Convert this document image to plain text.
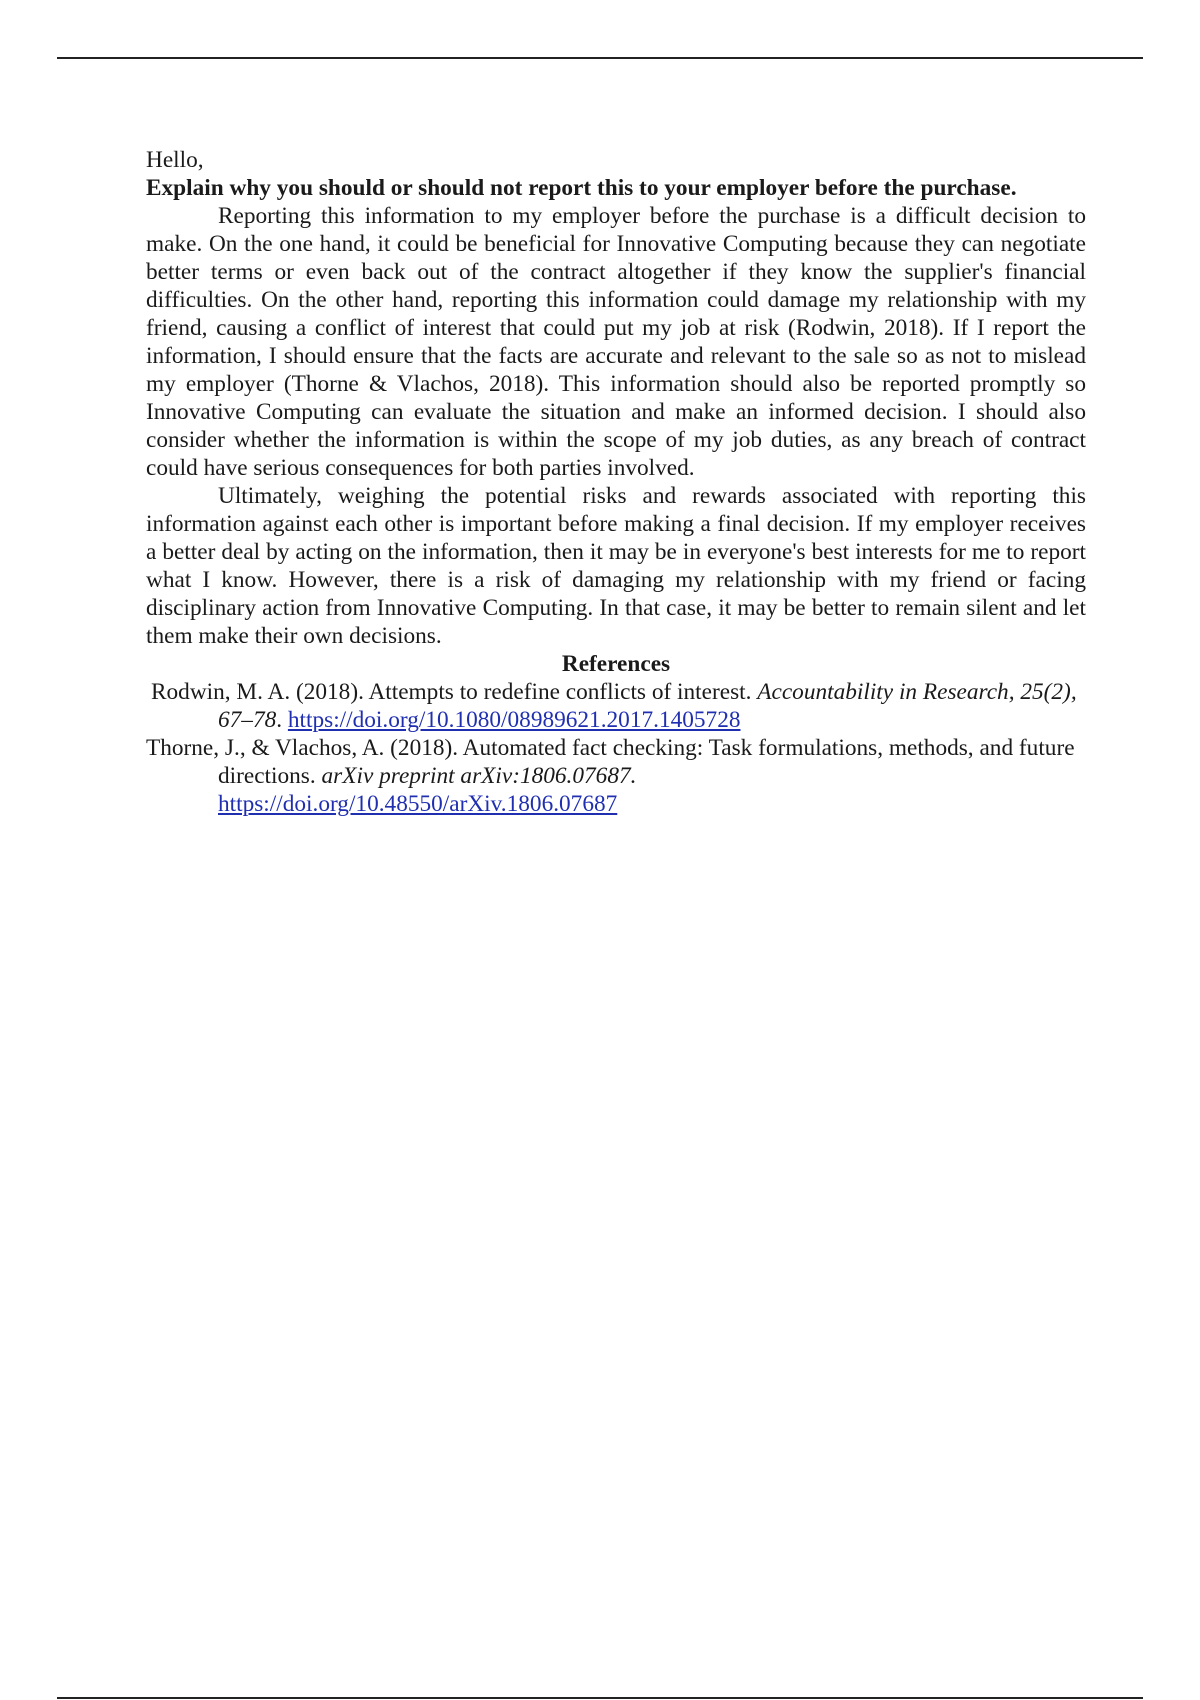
Hello,

Explain why you should or should not report this to your employer before the purchase.

Reporting this information to my employer before the purchase is a difficult decision to make. On the one hand, it could be beneficial for Innovative Computing because they can negotiate better terms or even back out of the contract altogether if they know the supplier's financial difficulties. On the other hand, reporting this information could damage my relationship with my friend, causing a conflict of interest that could put my job at risk (Rodwin, 2018). If I report the information, I should ensure that the facts are accurate and relevant to the sale so as not to mislead my employer (Thorne & Vlachos, 2018). This information should also be reported promptly so Innovative Computing can evaluate the situation and make an informed decision. I should also consider whether the information is within the scope of my job duties, as any breach of contract could have serious consequences for both parties involved.

Ultimately, weighing the potential risks and rewards associated with reporting this information against each other is important before making a final decision. If my employer receives a better deal by acting on the information, then it may be in everyone's best interests for me to report what I know. However, there is a risk of damaging my relationship with my friend or facing disciplinary action from Innovative Computing. In that case, it may be better to remain silent and let them make their own decisions.

References

Rodwin, M. A. (2018). Attempts to redefine conflicts of interest. Accountability in Research, 25(2), 67–78. https://doi.org/10.1080/08989621.2017.1405728

Thorne, J., & Vlachos, A. (2018). Automated fact checking: Task formulations, methods, and future directions. arXiv preprint arXiv:1806.07687.
https://doi.org/10.48550/arXiv.1806.07687
